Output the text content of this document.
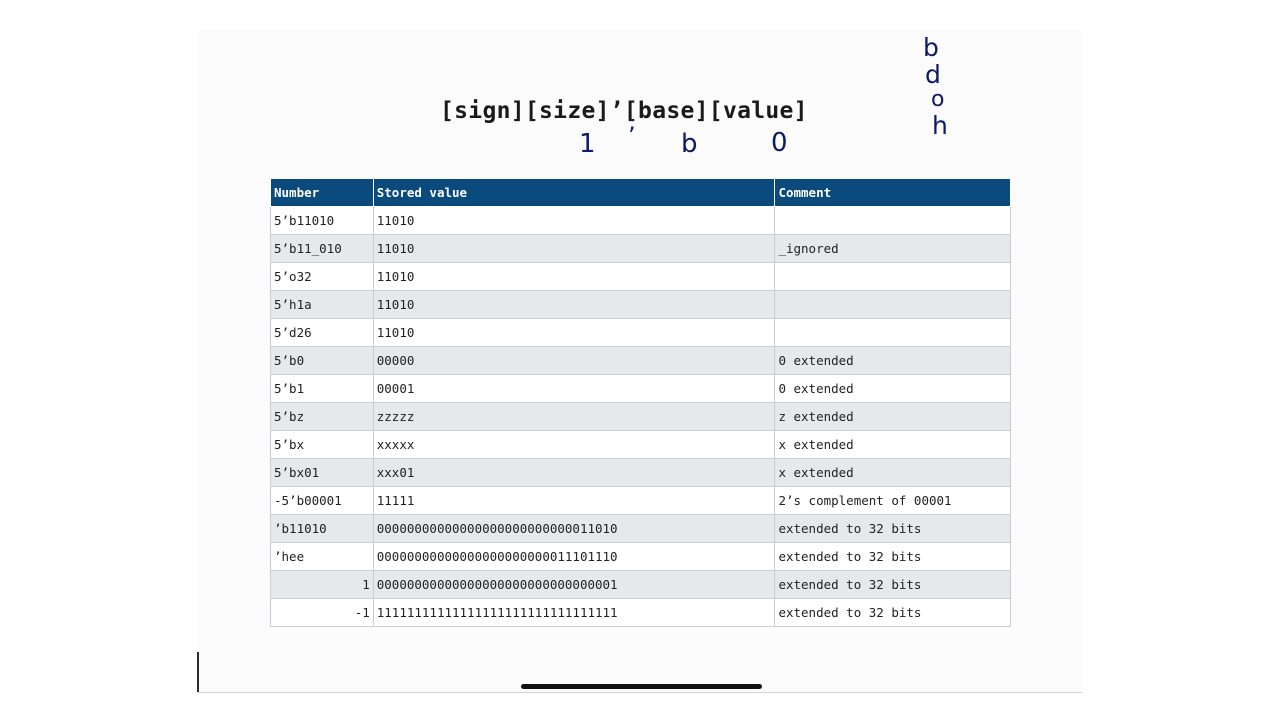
[sign][size]’[base][value]
1 ’ b	0
b
d
o
h
Number	Stored value	Comment
5’b11010	11010	
5’b11_010	11010	_ignored
5’o32	11010	
5’h1a	11010	
5’d26	11010	
5’b0	00000	0 extended
5’b1	00001	0 extended
5’bz	zzzzz	z extended
5’bx	xxxxx	x extended
5’bx01	xxx01	x extended
-5’b00001	11111	2’s complement of 00001
’b11010	00000000000000000000000000011010	extended to 32 bits
’hee	00000000000000000000000011101110	extended to 32 bits
1	00000000000000000000000000000001	extended to 32 bits
-1	11111111111111111111111111111111	extended to 32 bits
